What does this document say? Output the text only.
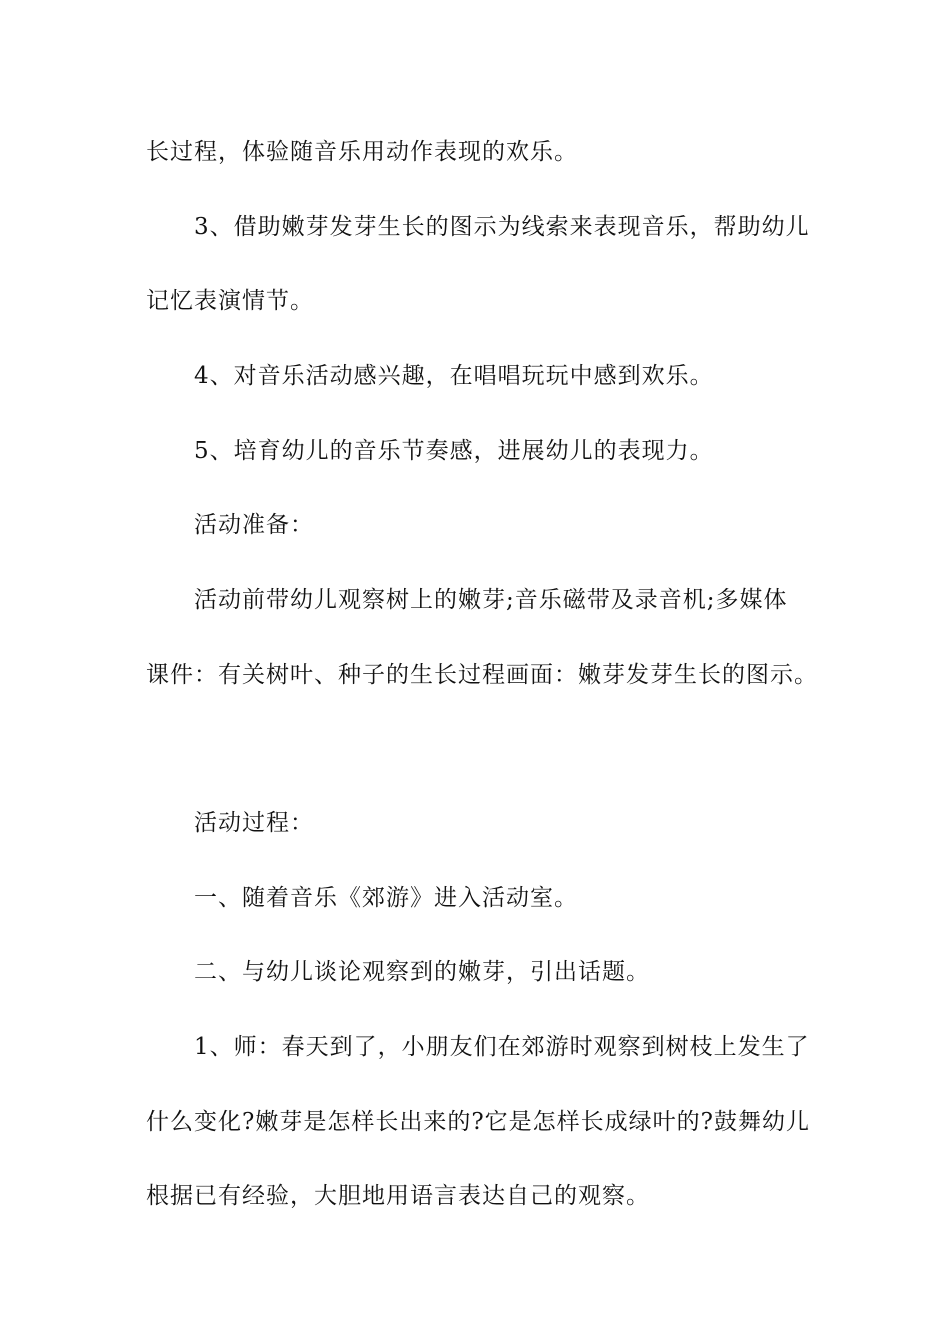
长过程，体验随音乐用动作表现的欢乐。
3、借助嫩芽发芽生长的图示为线索来表现音乐，帮助幼儿
记忆表演情节。
4、对音乐活动感兴趣，在唱唱玩玩中感到欢乐。
5、培育幼儿的音乐节奏感，进展幼儿的表现力。
活动准备：
活动前带幼儿观察树上的嫩芽;音乐磁带及录音机;多媒体
课件：有关树叶、种子的生长过程画面：嫩芽发芽生长的图示。
活动过程：
一、随着音乐《郊游》进入活动室。
二、与幼儿谈论观察到的嫩芽，引出话题。
1、师：春天到了，小朋友们在郊游时观察到树枝上发生了
什么变化?嫩芽是怎样长出来的?它是怎样长成绿叶的?鼓舞幼儿
根据已有经验，大胆地用语言表达自己的观察。
